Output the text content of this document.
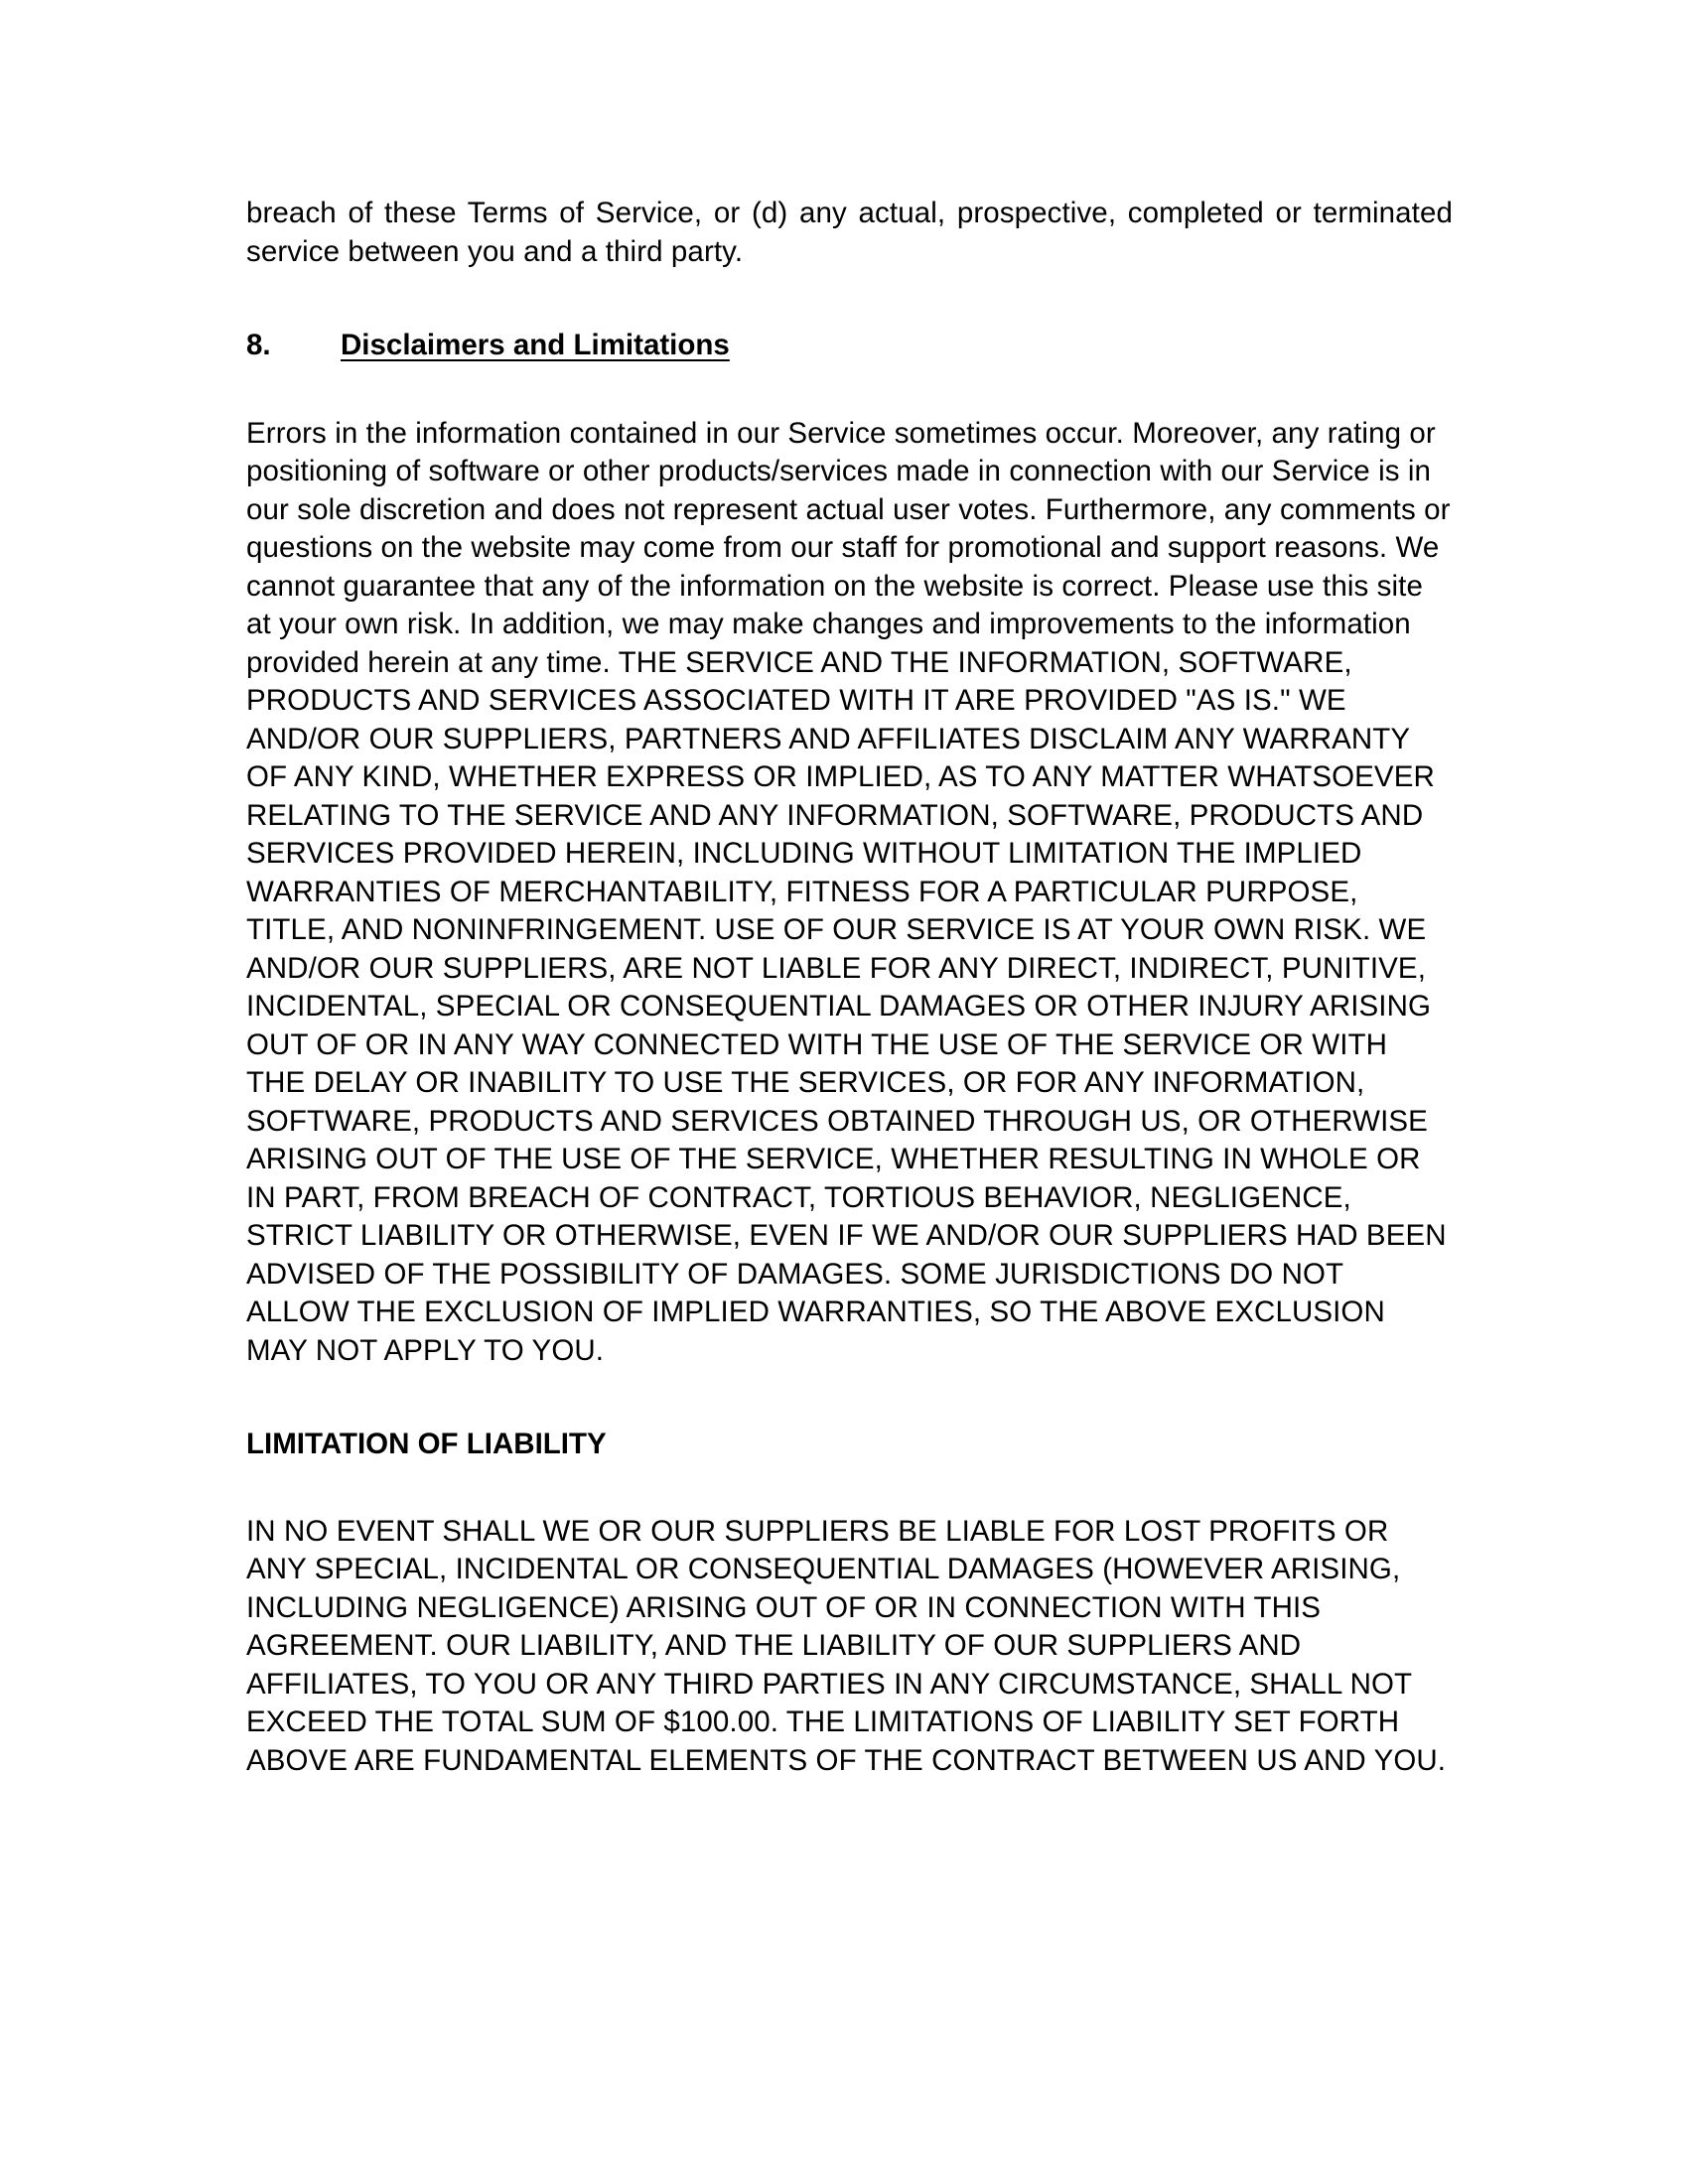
breach of these Terms of Service, or (d) any actual, prospective, completed or terminated service between you and a third party.

8. Disclaimers and Limitations

Errors in the information contained in our Service sometimes occur. Moreover, any rating or positioning of software or other products/services made in connection with our Service is in our sole discretion and does not represent actual user votes. Furthermore, any comments or questions on the website may come from our staff for promotional and support reasons. We cannot guarantee that any of the information on the website is correct. Please use this site at your own risk. In addition, we may make changes and improvements to the information provided herein at any time. THE SERVICE AND THE INFORMATION, SOFTWARE, PRODUCTS AND SERVICES ASSOCIATED WITH IT ARE PROVIDED "AS IS." WE AND/OR OUR SUPPLIERS, PARTNERS AND AFFILIATES DISCLAIM ANY WARRANTY OF ANY KIND, WHETHER EXPRESS OR IMPLIED, AS TO ANY MATTER WHATSOEVER RELATING TO THE SERVICE AND ANY INFORMATION, SOFTWARE, PRODUCTS AND SERVICES PROVIDED HEREIN, INCLUDING WITHOUT LIMITATION THE IMPLIED WARRANTIES OF MERCHANTABILITY, FITNESS FOR A PARTICULAR PURPOSE, TITLE, AND NONINFRINGEMENT. USE OF OUR SERVICE IS AT YOUR OWN RISK. WE AND/OR OUR SUPPLIERS, ARE NOT LIABLE FOR ANY DIRECT, INDIRECT, PUNITIVE, INCIDENTAL, SPECIAL OR CONSEQUENTIAL DAMAGES OR OTHER INJURY ARISING OUT OF OR IN ANY WAY CONNECTED WITH THE USE OF THE SERVICE OR WITH THE DELAY OR INABILITY TO USE THE SERVICES, OR FOR ANY INFORMATION, SOFTWARE, PRODUCTS AND SERVICES OBTAINED THROUGH US, OR OTHERWISE ARISING OUT OF THE USE OF THE SERVICE, WHETHER RESULTING IN WHOLE OR IN PART, FROM BREACH OF CONTRACT, TORTIOUS BEHAVIOR, NEGLIGENCE, STRICT LIABILITY OR OTHERWISE, EVEN IF WE AND/OR OUR SUPPLIERS HAD BEEN ADVISED OF THE POSSIBILITY OF DAMAGES. SOME JURISDICTIONS DO NOT ALLOW THE EXCLUSION OF IMPLIED WARRANTIES, SO THE ABOVE EXCLUSION MAY NOT APPLY TO YOU.

LIMITATION OF LIABILITY

IN NO EVENT SHALL WE OR OUR SUPPLIERS BE LIABLE FOR LOST PROFITS OR ANY SPECIAL, INCIDENTAL OR CONSEQUENTIAL DAMAGES (HOWEVER ARISING, INCLUDING NEGLIGENCE) ARISING OUT OF OR IN CONNECTION WITH THIS AGREEMENT. OUR LIABILITY, AND THE LIABILITY OF OUR SUPPLIERS AND AFFILIATES, TO YOU OR ANY THIRD PARTIES IN ANY CIRCUMSTANCE, SHALL NOT EXCEED THE TOTAL SUM OF $100.00. THE LIMITATIONS OF LIABILITY SET FORTH ABOVE ARE FUNDAMENTAL ELEMENTS OF THE CONTRACT BETWEEN US AND YOU.
